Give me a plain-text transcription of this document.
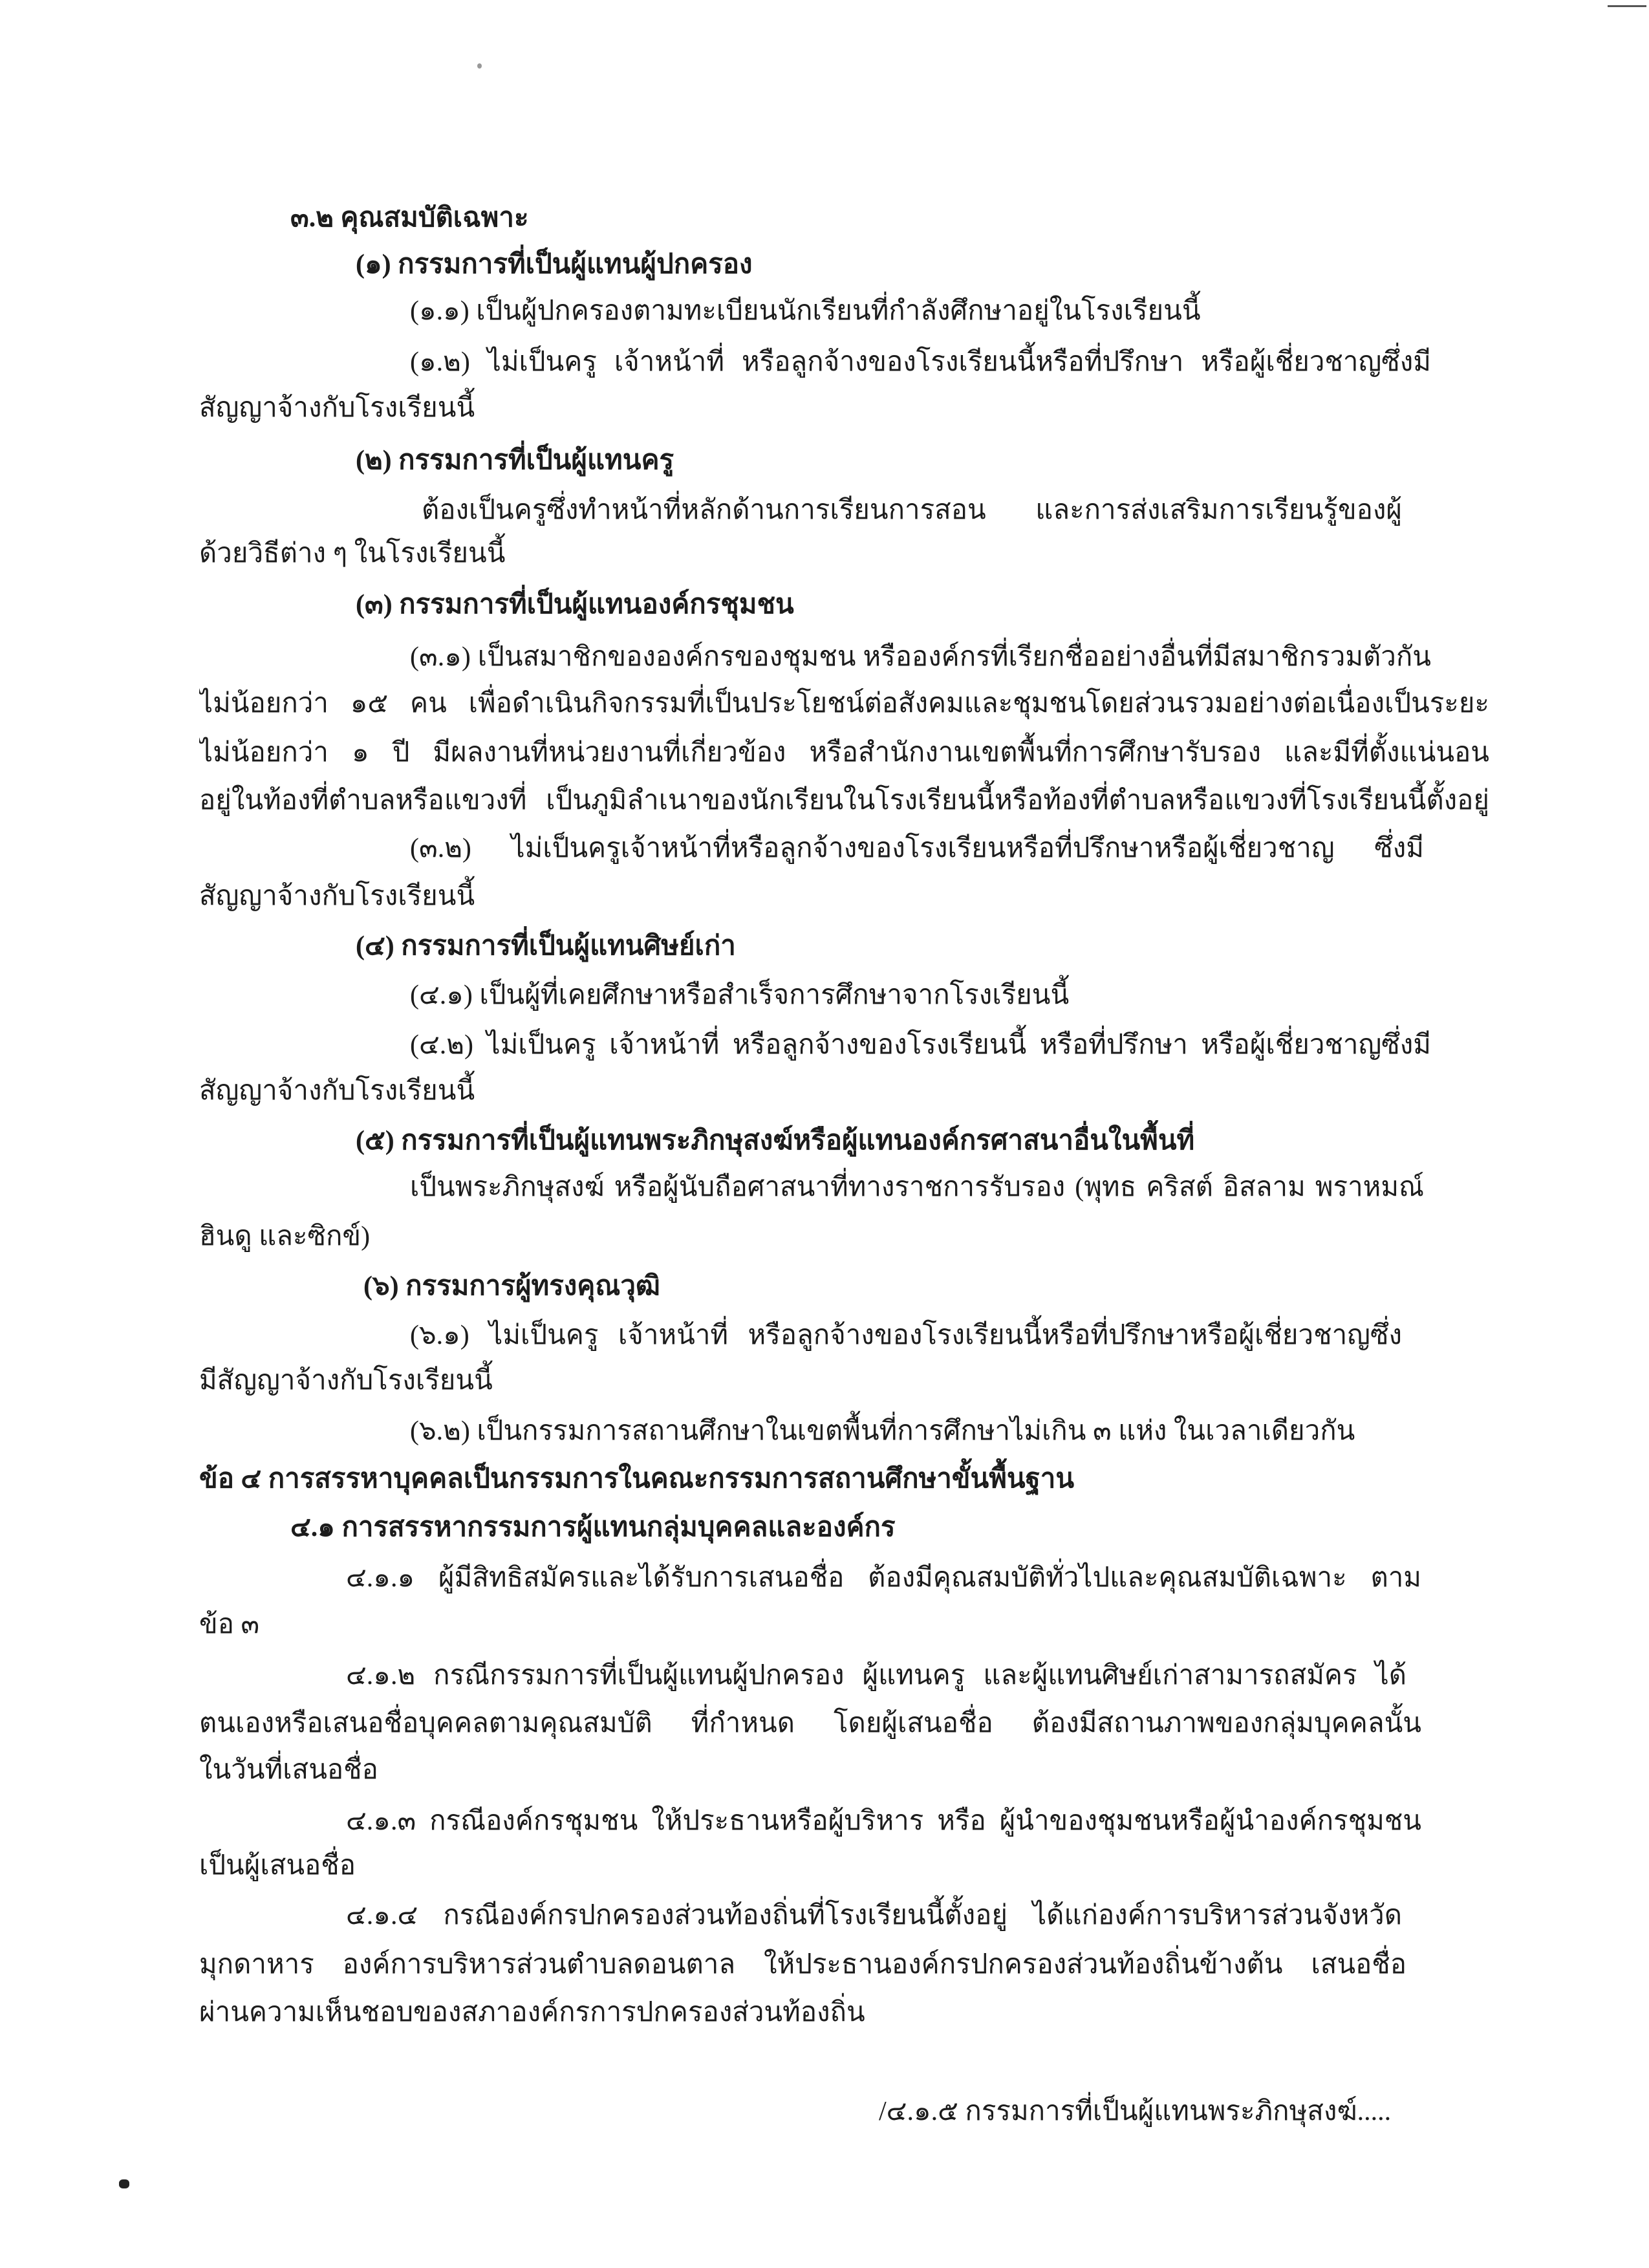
๓.๒ คุณสมบัติเฉพาะ
(๑) กรรมการที่เป็นผู้แทนผู้ปกครอง
(๑.๑) เป็นผู้ปกครองตามทะเบียนนักเรียนที่กำลังศึกษาอยู่ในโรงเรียนนี้
(๑.๒) ไม่เป็นครู เจ้าหน้าที่ หรือลูกจ้างของโรงเรียนนี้หรือที่ปรึกษา หรือผู้เชี่ยวชาญซึ่งมี
สัญญาจ้างกับโรงเรียนนี้
(๒) กรรมการที่เป็นผู้แทนครู
ต้องเป็นครูซึ่งทำหน้าที่หลักด้านการเรียนการสอน และการส่งเสริมการเรียนรู้ของผู้
ด้วยวิธีต่าง ๆ ในโรงเรียนนี้
(๓) กรรมการที่เป็นผู้แทนองค์กรชุมชน
(๓.๑) เป็นสมาชิกขององค์กรของชุมชน หรือองค์กรที่เรียกชื่ออย่างอื่นที่มีสมาชิกรวมตัวกัน
ไม่น้อยกว่า ๑๕ คน เพื่อดำเนินกิจกรรมที่เป็นประโยชน์ต่อสังคมและชุมชนโดยส่วนรวมอย่างต่อเนื่องเป็นระยะ
ไม่น้อยกว่า ๑ ปี มีผลงานที่หน่วยงานที่เกี่ยวข้อง หรือสำนักงานเขตพื้นที่การศึกษารับรอง และมีที่ตั้งแน่นอน
อยู่ในท้องที่ตำบลหรือแขวงที่ เป็นภูมิลำเนาของนักเรียนในโรงเรียนนี้หรือท้องที่ตำบลหรือแขวงที่โรงเรียนนี้ตั้งอยู่
(๓.๒) ไม่เป็นครูเจ้าหน้าที่หรือลูกจ้างของโรงเรียนหรือที่ปรึกษาหรือผู้เชี่ยวชาญ ซึ่งมี
สัญญาจ้างกับโรงเรียนนี้
(๔) กรรมการที่เป็นผู้แทนศิษย์เก่า
(๔.๑) เป็นผู้ที่เคยศึกษาหรือสำเร็จการศึกษาจากโรงเรียนนี้
(๔.๒) ไม่เป็นครู เจ้าหน้าที่ หรือลูกจ้างของโรงเรียนนี้ หรือที่ปรึกษา หรือผู้เชี่ยวชาญซึ่งมี
สัญญาจ้างกับโรงเรียนนี้
(๕) กรรมการที่เป็นผู้แทนพระภิกษุสงฆ์หรือผู้แทนองค์กรศาสนาอื่นในพื้นที่
เป็นพระภิกษุสงฆ์ หรือผู้นับถือศาสนาที่ทางราชการรับรอง (พุทธ คริสต์ อิสลาม พราหมณ์
ฮินดู และซิกข์)
(๖) กรรมการผู้ทรงคุณวุฒิ
(๖.๑) ไม่เป็นครู เจ้าหน้าที่ หรือลูกจ้างของโรงเรียนนี้หรือที่ปรึกษาหรือผู้เชี่ยวชาญซึ่ง
มีสัญญาจ้างกับโรงเรียนนี้
(๖.๒) เป็นกรรมการสถานศึกษาในเขตพื้นที่การศึกษาไม่เกิน ๓ แห่ง ในเวลาเดียวกัน
ข้อ ๔ การสรรหาบุคคลเป็นกรรมการในคณะกรรมการสถานศึกษาขั้นพื้นฐาน
๔.๑ การสรรหากรรมการผู้แทนกลุ่มบุคคลและองค์กร
๔.๑.๑ ผู้มีสิทธิสมัครและได้รับการเสนอชื่อ ต้องมีคุณสมบัติทั่วไปและคุณสมบัติเฉพาะ ตาม
ข้อ ๓
๔.๑.๒ กรณีกรรมการที่เป็นผู้แทนผู้ปกครอง ผู้แทนครู และผู้แทนศิษย์เก่าสามารถสมัคร ได้
ตนเองหรือเสนอชื่อบุคคลตามคุณสมบัติ ที่กำหนด โดยผู้เสนอชื่อ ต้องมีสถานภาพของกลุ่มบุคคลนั้น
ในวันที่เสนอชื่อ
๔.๑.๓ กรณีองค์กรชุมชน ให้ประธานหรือผู้บริหาร หรือ ผู้นำของชุมชนหรือผู้นำองค์กรชุมชน
เป็นผู้เสนอชื่อ
๔.๑.๔ กรณีองค์กรปกครองส่วนท้องถิ่นที่โรงเรียนนี้ตั้งอยู่ ได้แก่องค์การบริหารส่วนจังหวัด
มุกดาหาร องค์การบริหารส่วนตำบลดอนตาล ให้ประธานองค์กรปกครองส่วนท้องถิ่นข้างต้น เสนอชื่อ
ผ่านความเห็นชอบของสภาองค์กรการปกครองส่วนท้องถิ่น
/๔.๑.๕ กรรมการที่เป็นผู้แทนพระภิกษุสงฆ์.....
